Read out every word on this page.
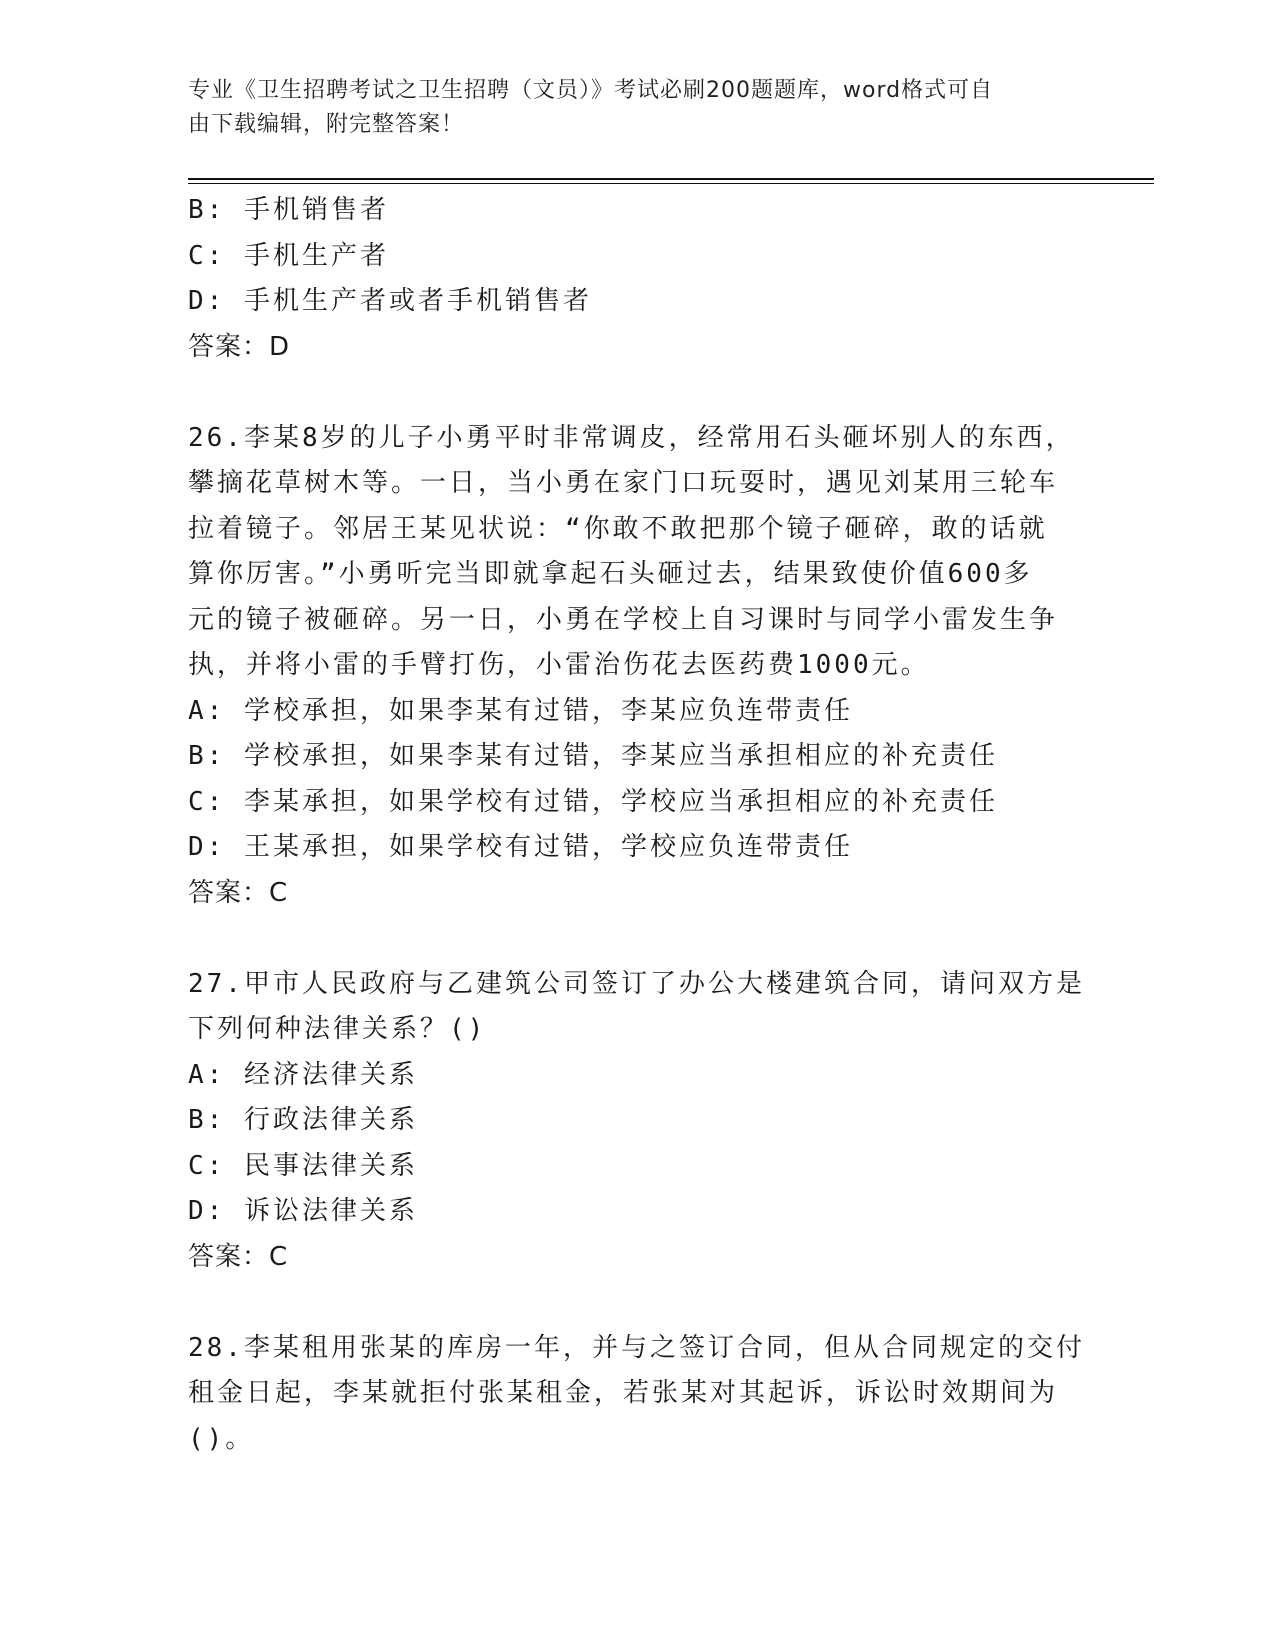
专业《卫生招聘考试之卫生招聘（文员）》考试必刷200题题库，word格式可自
由下载编辑，附完整答案！
B: 手机销售者
C: 手机生产者
D: 手机生产者或者手机销售者
答案：D
26.李某8岁的儿子小勇平时非常调皮，经常用石头砸坏别人的东西，
攀摘花草树木等。一日，当小勇在家门口玩耍时，遇见刘某用三轮车
拉着镜子。邻居王某见状说：“你敢不敢把那个镜子砸碎，敢的话就
算你厉害。”小勇听完当即就拿起石头砸过去，结果致使价值600多
元的镜子被砸碎。另一日，小勇在学校上自习课时与同学小雷发生争
执，并将小雷的手臂打伤，小雷治伤花去医药费1000元。
A: 学校承担，如果李某有过错，李某应负连带责任
B: 学校承担，如果李某有过错，李某应当承担相应的补充责任
C: 李某承担，如果学校有过错，学校应当承担相应的补充责任
D: 王某承担，如果学校有过错，学校应负连带责任
答案：C
27.甲市人民政府与乙建筑公司签订了办公大楼建筑合同，请问双方是
下列何种法律关系？()
A: 经济法律关系
B: 行政法律关系
C: 民事法律关系
D: 诉讼法律关系
答案：C
28.李某租用张某的库房一年，并与之签订合同，但从合同规定的交付
租金日起，李某就拒付张某租金，若张某对其起诉，诉讼时效期间为
()。
